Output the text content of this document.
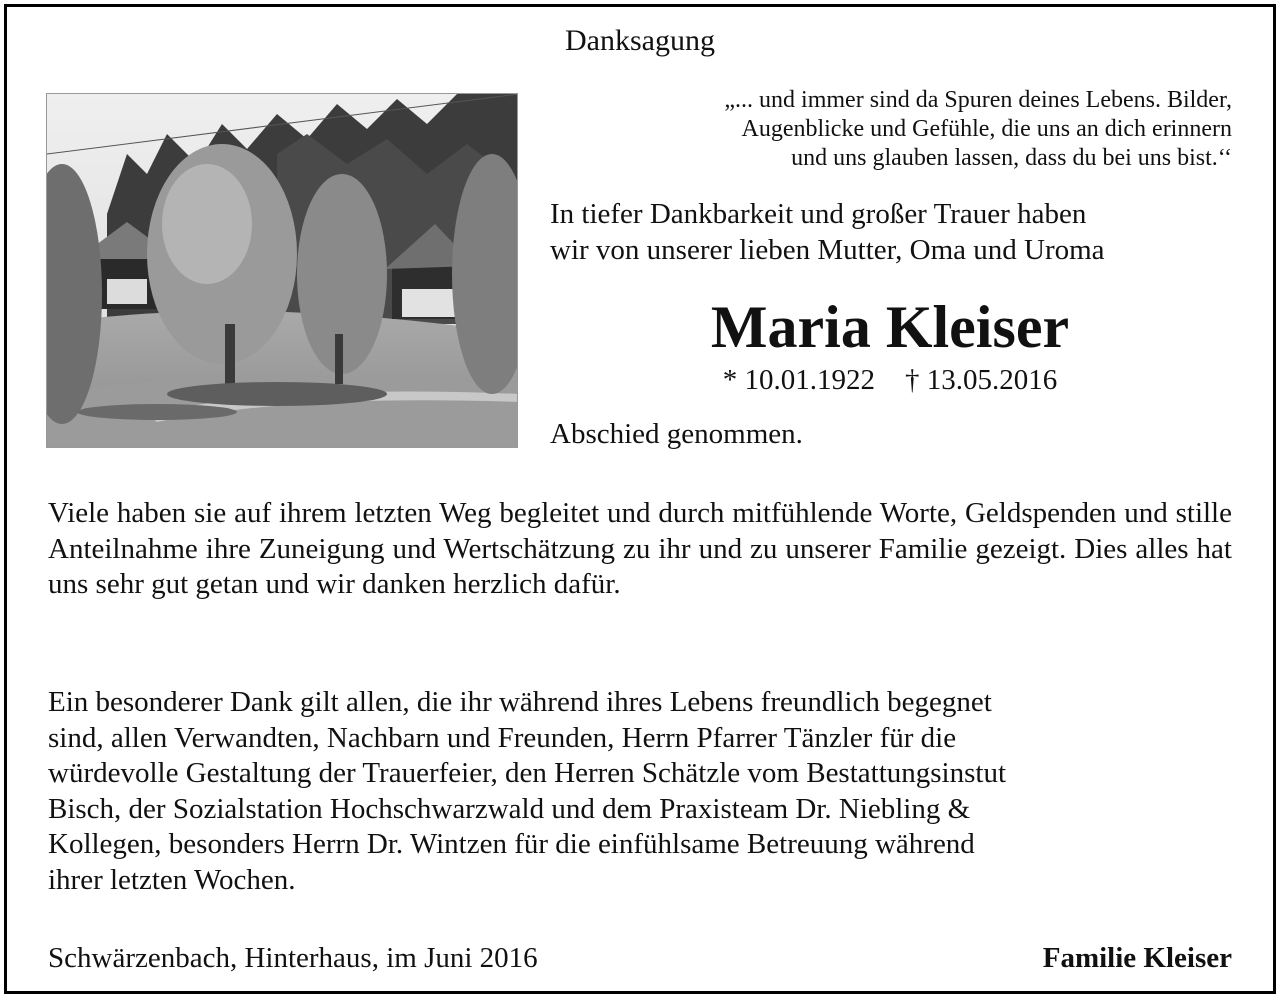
Danksagung
„... und immer sind da Spuren deines Lebens. Bilder,
Augenblicke und Gefühle, die uns an dich erinnern
und uns glauben lassen, dass du bei uns bist.‘‘
In tiefer Dankbarkeit und großer Trauer haben
wir von unserer lieben Mutter, Oma und Uroma
Maria Kleiser
* 10.01.1922 † 13.05.2016
Abschied genommen.
Viele haben sie auf ihrem letzten Weg begleitet und durch mitfühlende Worte, Geldspenden und stille Anteilnahme ihre Zuneigung und Wertschätzung zu ihr und zu unserer Familie gezeigt. Dies alles hat uns sehr gut getan und wir danken herzlich dafür.
Ein besonderer Dank gilt allen, die ihr während ihres Lebens freundlich begegnet
sind, allen Verwandten, Nachbarn und Freunden, Herrn Pfarrer Tänzler für die
würdevolle Gestaltung der Trauerfeier, den Herren Schätzle vom Bestattungsinstut
Bisch, der Sozialstation Hochschwarzwald und dem Praxisteam Dr. Niebling &
Kollegen, besonders Herrn Dr. Wintzen für die einfühlsame Betreuung während
ihrer letzten Wochen.
Schwärzenbach, Hinterhaus, im Juni 2016	Familie Kleiser
